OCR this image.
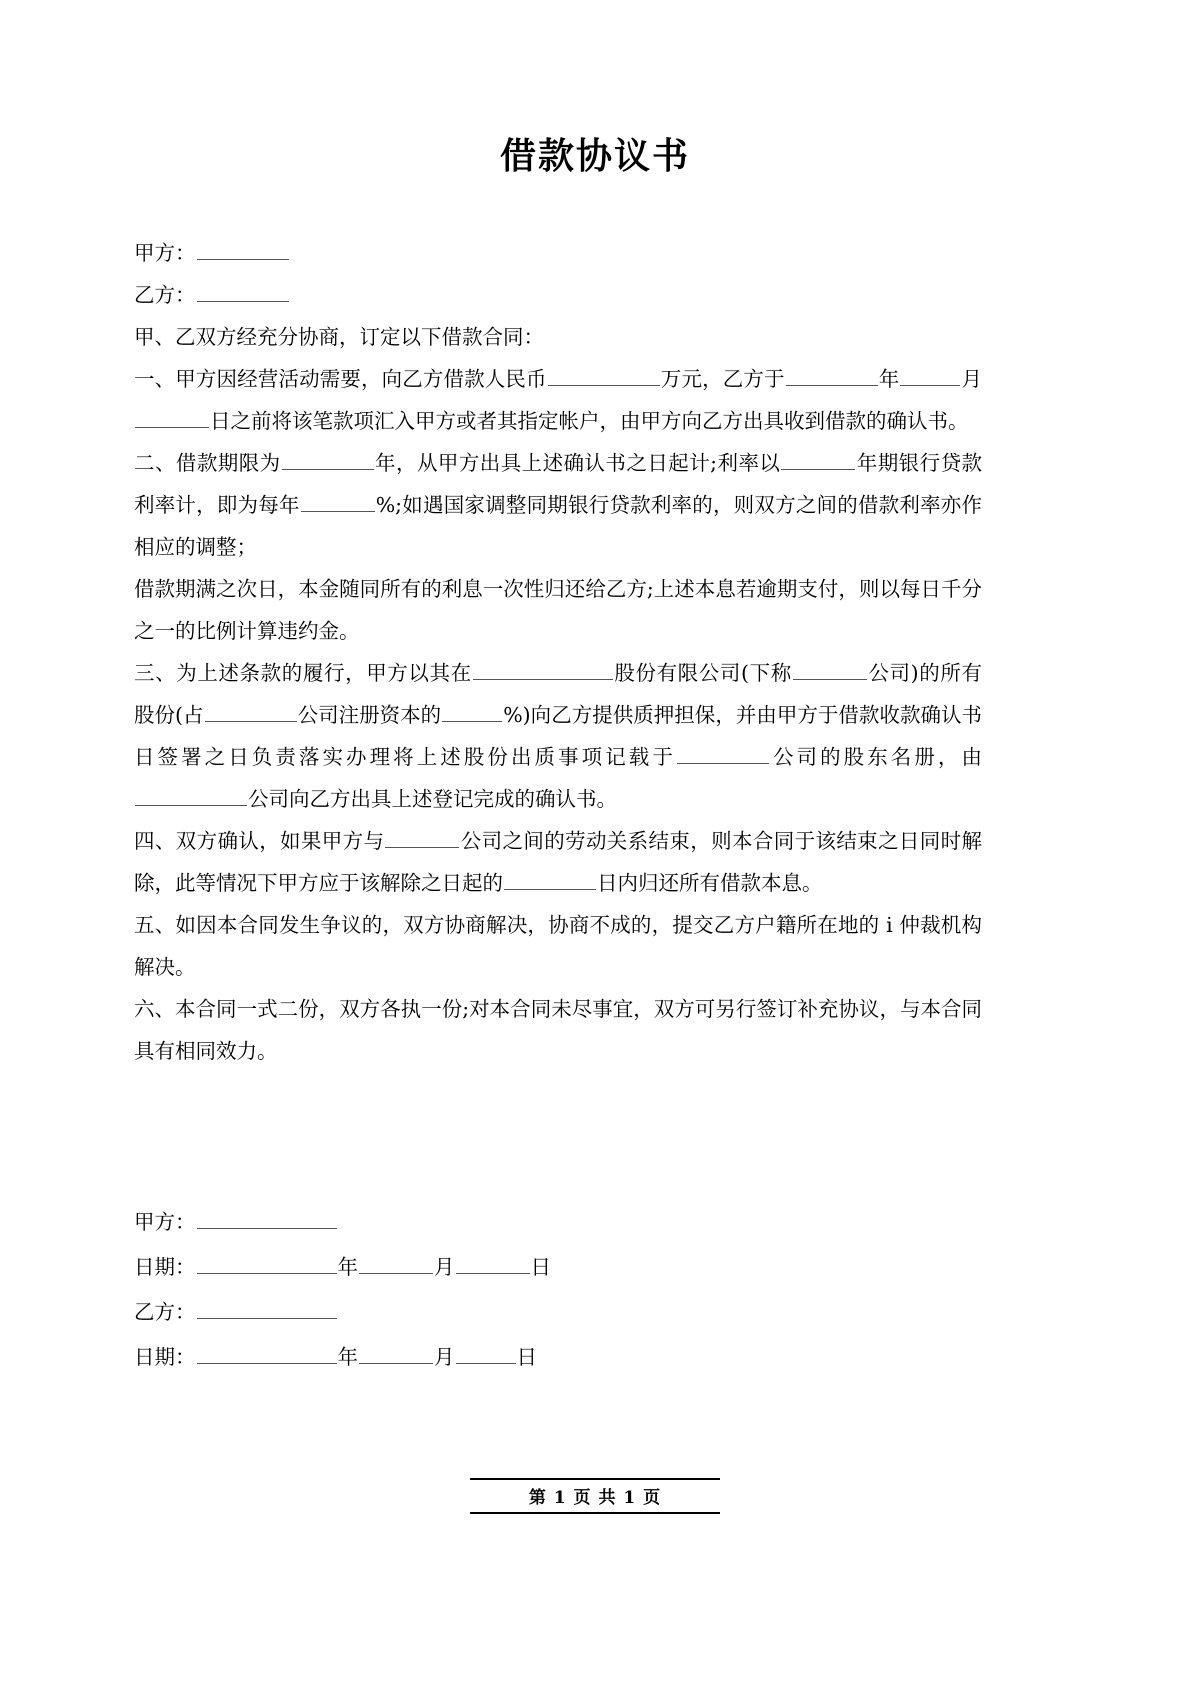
借款协议书

甲方：

乙方：

甲、乙双方经充分协商，订定以下借款合同：

一、甲方因经营活动需要，向乙方借款人民币	万元，乙方于	年	月日之前将该笔款项汇入甲方或者其指定帐户，由甲方向乙方出具收到借款的确认书。

二、借款期限为	年，从甲方出具上述确认书之日起计;利率以	年期银行贷款利率计，即为每年	%;如遇国家调整同期银行贷款利率的，则双方之间的借款利率亦作相应的调整；

借款期满之次日，本金随同所有的利息一次性归还给乙方;上述本息若逾期支付，则以每日千分之一的比例计算违约金。

三、为上述条款的履行，甲方以其在	股份有限公司(下称	公司)的所有股份(占	公司注册资本的	%)向乙方提供质押担保，并由甲方于借款收款确认书日签署之日负责落实办理将上述股份出质事项记载于	公司的股东名册，由公司向乙方出具上述登记完成的确认书。

四、双方确认，如果甲方与	公司之间的劳动关系结束，则本合同于该结束之日同时解除，此等情况下甲方应于该解除之日起的	日内归还所有借款本息。

五、如因本合同发生争议的，双方协商解决，协商不成的，提交乙方户籍所在地的 i 仲裁机构解决。

六、本合同一式二份，双方各执一份;对本合同未尽事宜，双方可另行签订补充协议，与本合同具有相同效力。

甲方：
日期：	年	月	日
乙方：
日期：	年	月	日
第 1 页 共 1 页
